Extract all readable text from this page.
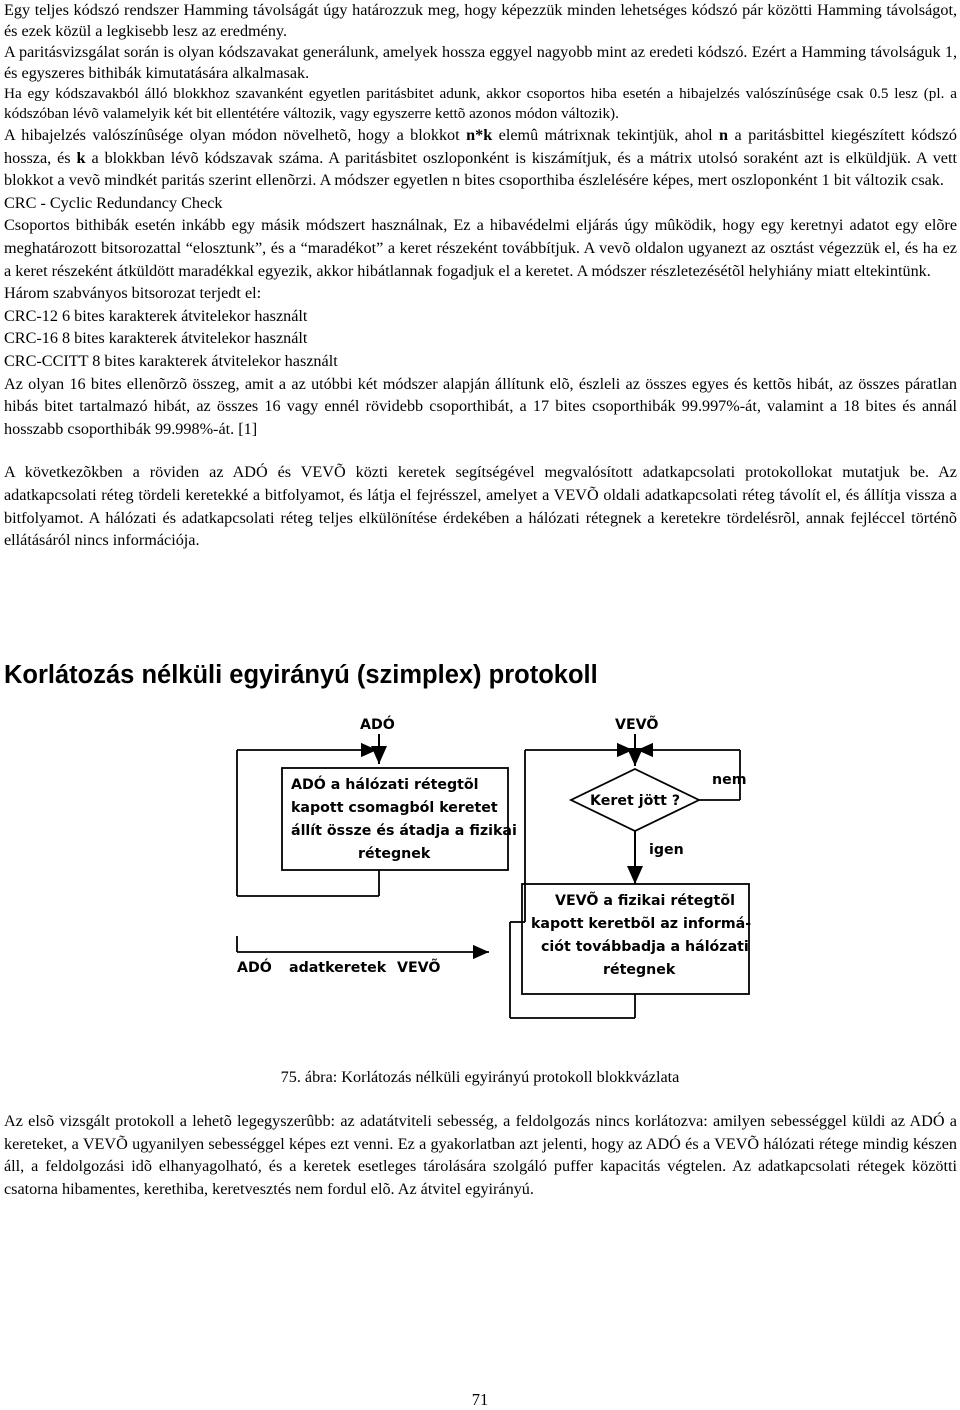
Egy teljes kódszó rendszer Hamming távolságát úgy határozzuk meg, hogy képezzük minden lehetséges kódszó pár közötti Hamming távolságot, és ezek közül a legkisebb lesz az eredmény.

A paritásvizsgálat során is olyan kódszavakat generálunk, amelyek hossza eggyel nagyobb mint az eredeti kódszó. Ezért a Hamming távolságuk 1, és egyszeres bithibák kimutatására alkalmasak.

Ha egy kódszavakból álló blokkhoz szavanként egyetlen paritásbitet adunk, akkor csoportos hiba esetén a hibajelzés valószínûsége csak 0.5 lesz (pl. a kódszóban lévõ valamelyik két bit ellentétére változik, vagy egyszerre kettõ azonos módon változik).

A hibajelzés valószínûsége olyan módon növelhetõ, hogy a blokkot n*k elemû mátrixnak tekintjük, ahol n a paritásbittel kiegészített kódszó hossza, és k a blokkban lévõ kódszavak száma. A paritásbitet oszloponként is kiszámítjuk, és a mátrix utolsó soraként azt is elküldjük. A vett blokkot a vevõ mindkét paritás szerint ellenõrzi. A módszer egyetlen n bites csoporthiba észlelésére képes, mert oszloponként 1 bit változik csak.

CRC - Cyclic Redundancy Check

Csoportos bithibák esetén inkább egy másik módszert használnak, Ez a hibavédelmi eljárás úgy mûködik, hogy egy keretnyi adatot egy elõre meghatározott bitsorozattal “elosztunk”, és a “maradékot” a keret részeként továbbítjuk. A vevõ oldalon ugyanezt az osztást végezzük el, és ha ez a keret részeként átküldött maradékkal egyezik, akkor hibátlannak fogadjuk el a keretet. A módszer részletezésétõl helyhiány miatt eltekintünk.

Három szabványos bitsorozat terjedt el:

CRC-12 6 bites karakterek átvitelekor használt

CRC-16 8 bites karakterek átvitelekor használt

CRC-CCITT 8 bites karakterek átvitelekor használt

Az olyan 16 bites ellenõrzõ összeg, amit a az utóbbi két módszer alapján állítunk elõ, észleli az összes egyes és kettõs hibát, az összes páratlan hibás bitet tartalmazó hibát, az összes 16 vagy ennél rövidebb csoporthibát, a 17 bites csoporthibák 99.997%-át, valamint a 18 bites és annál hosszabb csoporthibák 99.998%-át. [1]

A következõkben a röviden az ADÓ és VEVÕ közti keretek segítségével megvalósított adatkapcsolati protokollokat mutatjuk be. Az adatkapcsolati réteg tördeli keretekké a bitfolyamot, és látja el fejrésszel, amelyet a VEVÕ oldali adatkapcsolati réteg távolít el, és állítja vissza a bitfolyamot. A hálózati és adatkapcsolati réteg teljes elkülönítése érdekében a hálózati rétegnek a keretekre tördelésrõl, annak fejléccel történõ ellátásáról nincs információja.

Korlátozás nélküli egyirányú (szimplex) protokoll
ADÓ	VEVÕ
ADÓ a hálózati rétegtõl
kapott csomagból keretet
állít össze és átadja a fizikai
rétegnek
Keret jött ?
nem
igen
VEVÕ a fizikai rétegtõl
kapott keretbõl az informá-
ciót továbbadja a hálózati
rétegnek
ADÓ adatkeretek VEVÕ
75. ábra: Korlátozás nélküli egyirányú protokoll blokkvázlata

Az elsõ vizsgált protokoll a lehetõ legegyszerûbb: az adatátviteli sebesség, a feldolgozás nincs korlátozva: amilyen sebességgel küldi az ADÓ a kereteket, a VEVÕ ugyanilyen sebességgel képes ezt venni. Ez a gyakorlatban azt jelenti, hogy az ADÓ és a VEVÕ hálózati rétege mindig készen áll, a feldolgozási idõ elhanyagolható, és a keretek esetleges tárolására szolgáló puffer kapacitás végtelen. Az adatkapcsolati rétegek közötti csatorna hibamentes, kerethiba, keretvesztés nem fordul elõ. Az átvitel egyirányú.

71
